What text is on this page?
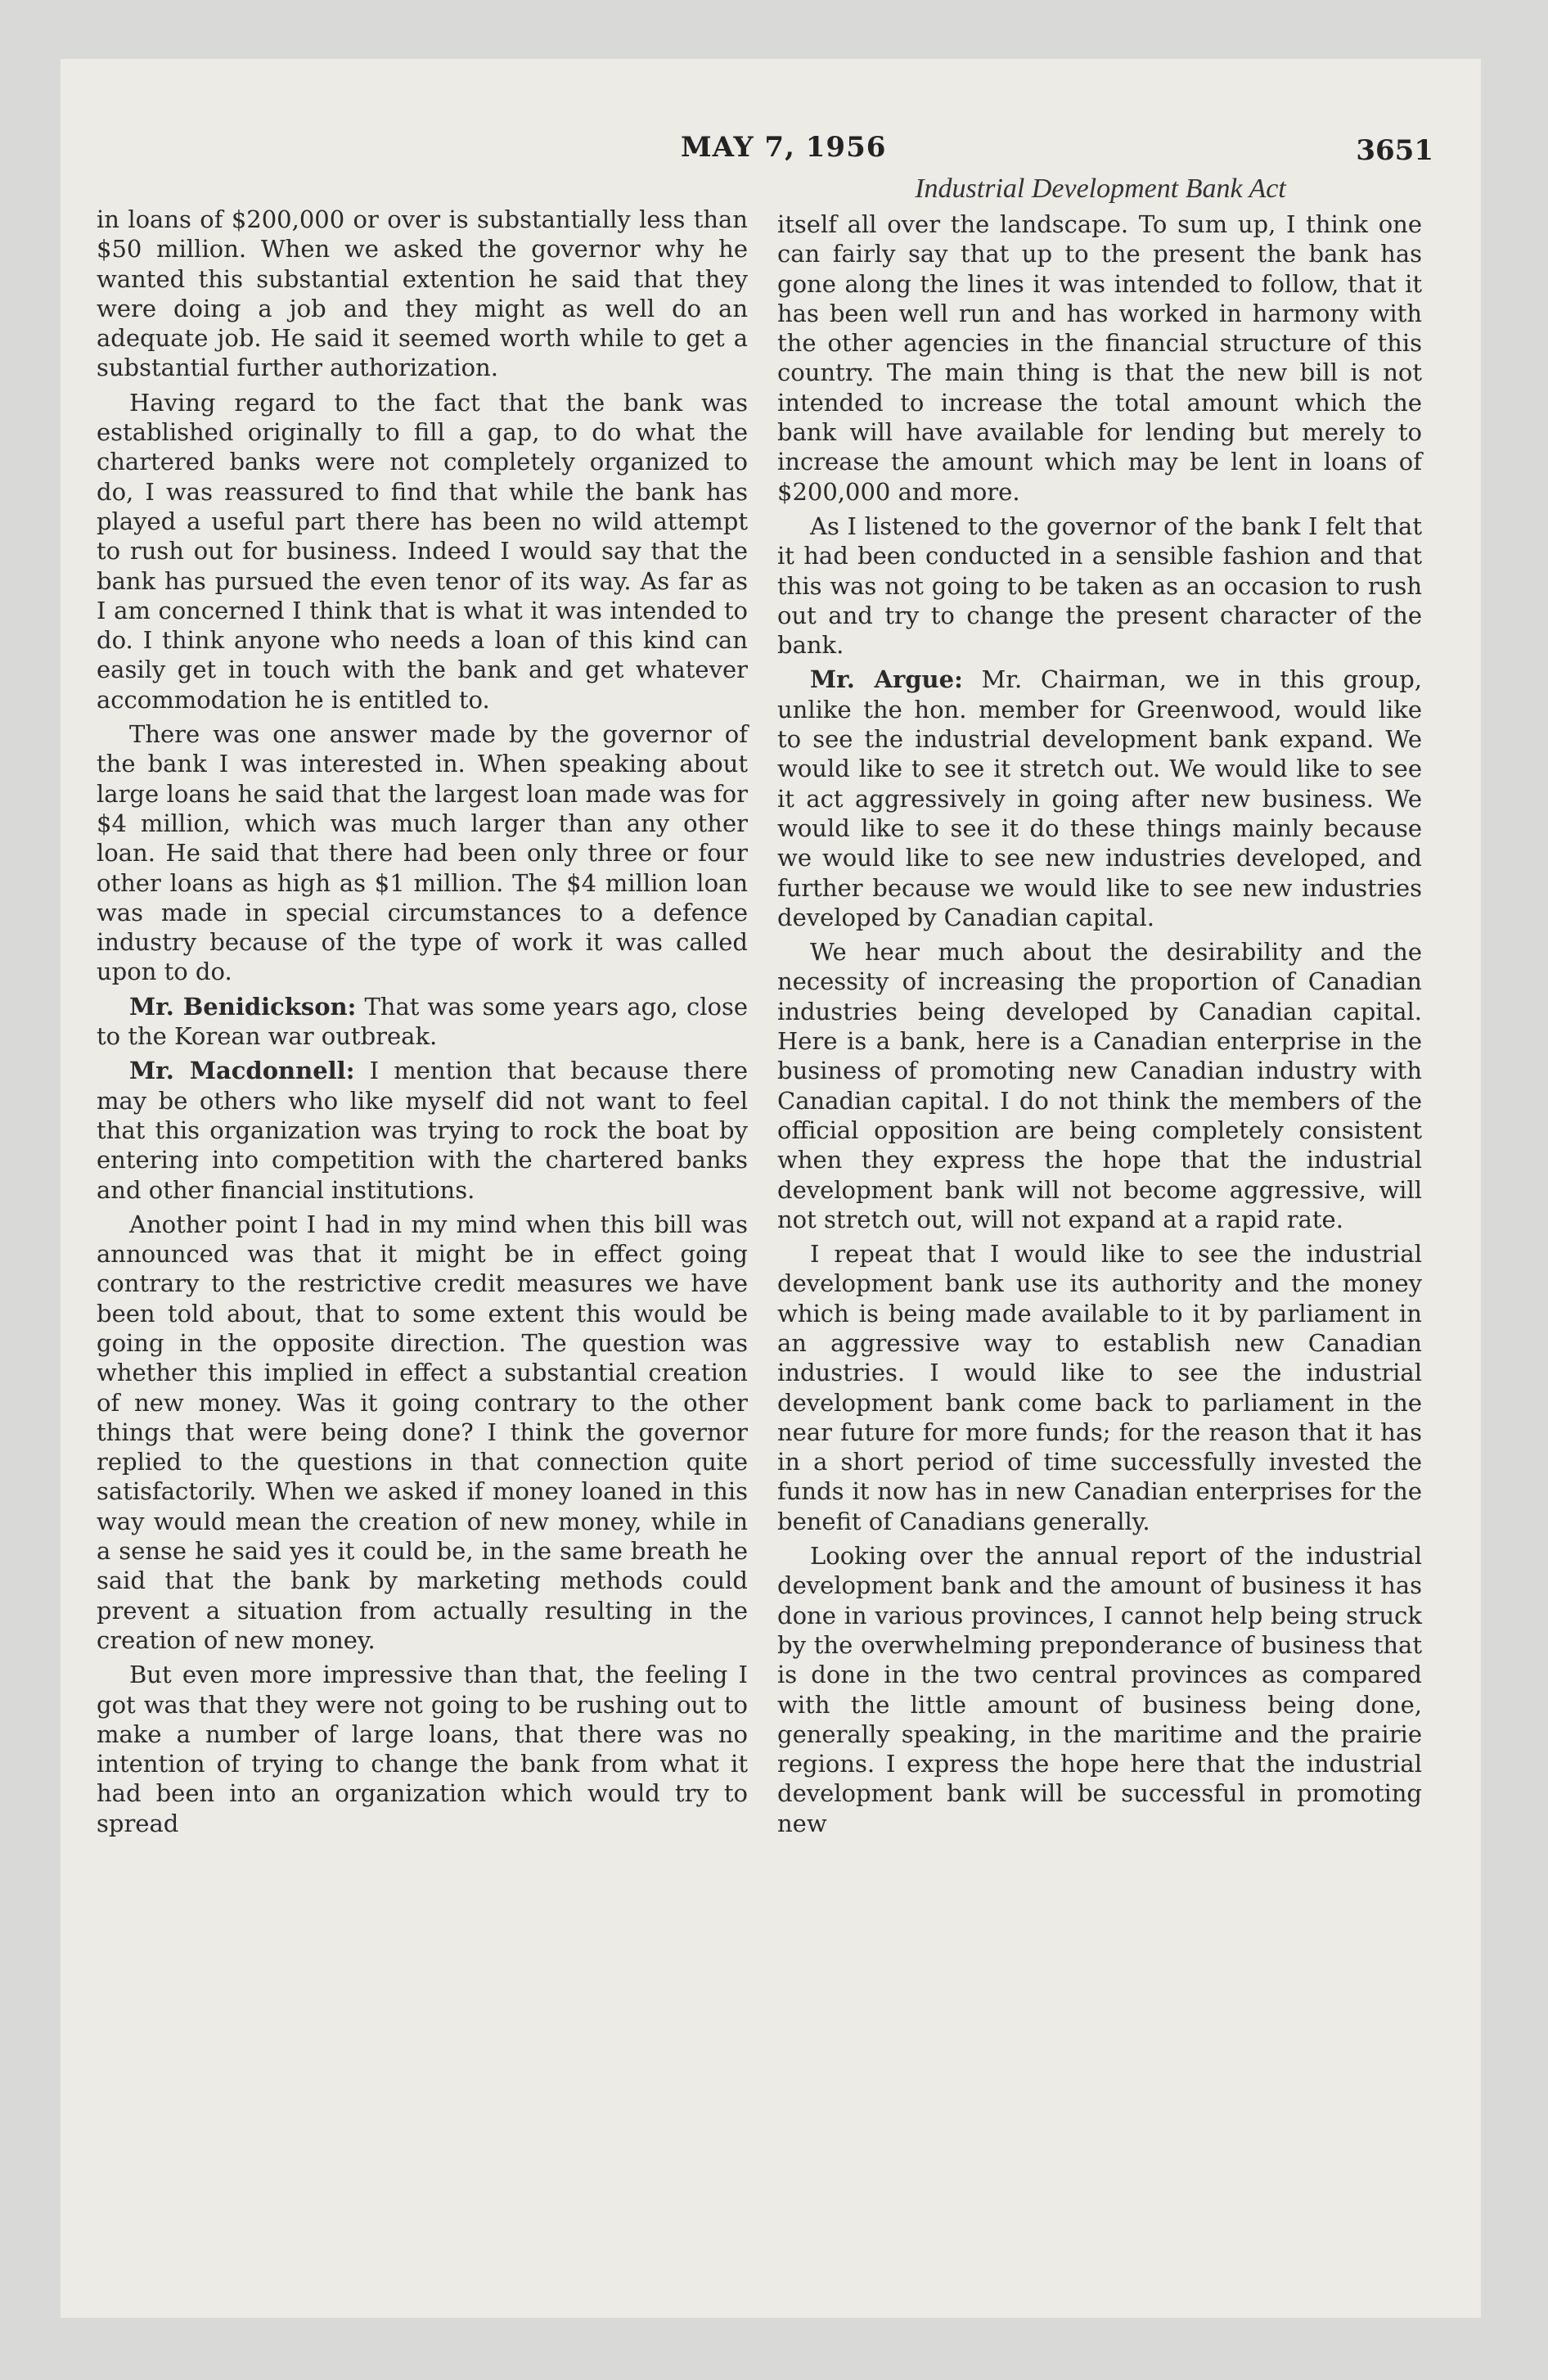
MAY 7, 1956	3651
Industrial Development Bank Act

in loans of $200,000 or over is substantially less than $50 million. When we asked the governor why he wanted this substantial extention he said that they were doing a job and they might as well do an adequate job. He said it seemed worth while to get a substantial further authorization.

Having regard to the fact that the bank was established originally to fill a gap, to do what the chartered banks were not completely organized to do, I was reassured to find that while the bank has played a useful part there has been no wild attempt to rush out for business. Indeed I would say that the bank has pursued the even tenor of its way. As far as I am concerned I think that is what it was intended to do. I think anyone who needs a loan of this kind can easily get in touch with the bank and get whatever accommodation he is entitled to.

There was one answer made by the governor of the bank I was interested in. When speaking about large loans he said that the largest loan made was for $4 million, which was much larger than any other loan. He said that there had been only three or four other loans as high as $1 million. The $4 million loan was made in special circumstances to a defence industry because of the type of work it was called upon to do.

Mr. Benidickson: That was some years ago, close to the Korean war outbreak.

Mr. Macdonnell: I mention that because there may be others who like myself did not want to feel that this organization was trying to rock the boat by entering into competition with the chartered banks and other financial institutions.

Another point I had in my mind when this bill was announced was that it might be in effect going contrary to the restrictive credit measures we have been told about, that to some extent this would be going in the opposite direction. The question was whether this implied in effect a substantial creation of new money. Was it going contrary to the other things that were being done? I think the governor replied to the questions in that connection quite satisfactorily. When we asked if money loaned in this way would mean the creation of new money, while in a sense he said yes it could be, in the same breath he said that the bank by marketing methods could prevent a situation from actually resulting in the creation of new money.

But even more impressive than that, the feeling I got was that they were not going to be rushing out to make a number of large loans, that there was no intention of trying to change the bank from what it had been into an organization which would try to spread

itself all over the landscape. To sum up, I think one can fairly say that up to the present the bank has gone along the lines it was intended to follow, that it has been well run and has worked in harmony with the other agencies in the financial structure of this country. The main thing is that the new bill is not intended to increase the total amount which the bank will have available for lending but merely to increase the amount which may be lent in loans of $200,000 and more.

As I listened to the governor of the bank I felt that it had been conducted in a sensible fashion and that this was not going to be taken as an occasion to rush out and try to change the present character of the bank.

Mr. Argue: Mr. Chairman, we in this group, unlike the hon. member for Greenwood, would like to see the industrial development bank expand. We would like to see it stretch out. We would like to see it act aggressively in going after new business. We would like to see it do these things mainly because we would like to see new industries developed, and further because we would like to see new industries developed by Canadian capital.

We hear much about the desirability and the necessity of increasing the proportion of Canadian industries being developed by Canadian capital. Here is a bank, here is a Canadian enterprise in the business of promoting new Canadian industry with Canadian capital. I do not think the members of the official opposition are being completely consistent when they express the hope that the industrial development bank will not become aggressive, will not stretch out, will not expand at a rapid rate.

I repeat that I would like to see the industrial development bank use its authority and the money which is being made available to it by parliament in an aggressive way to establish new Canadian industries. I would like to see the industrial development bank come back to parliament in the near future for more funds; for the reason that it has in a short period of time successfully invested the funds it now has in new Canadian enterprises for the benefit of Canadians generally.

Looking over the annual report of the industrial development bank and the amount of business it has done in various provinces, I cannot help being struck by the overwhelming preponderance of business that is done in the two central provinces as compared with the little amount of business being done, generally speaking, in the maritime and the prairie regions. I express the hope here that the industrial development bank will be successful in promoting new
